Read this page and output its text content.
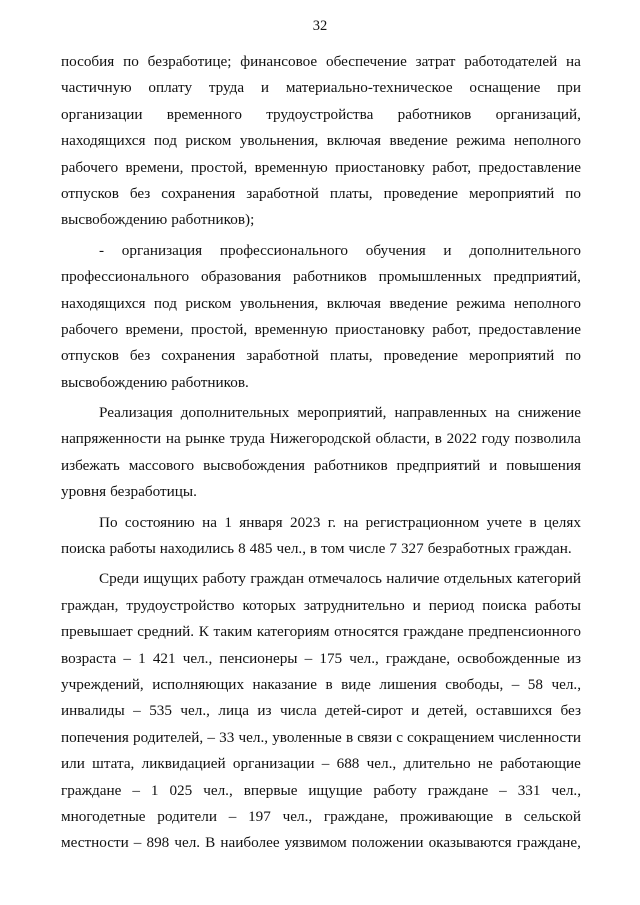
32
пособия по безработице; финансовое обеспечение затрат работодателей на
частичную оплату труда и материально-техническое оснащение при
организации временного трудоустройства работников организаций,
находящихся под риском увольнения, включая введение режима неполного
рабочего времени, простой, временную приостановку работ, предоставление
отпусков без сохранения заработной платы, проведение мероприятий по
высвобождению работников);
- организация профессионального обучения и дополнительного
профессионального образования работников промышленных предприятий,
находящихся под риском увольнения, включая введение режима неполного
рабочего времени, простой, временную приостановку работ, предоставление
отпусков без сохранения заработной платы, проведение мероприятий по
высвобождению работников.
Реализация дополнительных мероприятий, направленных на снижение
напряженности на рынке труда Нижегородской области, в 2022 году позволила
избежать массового высвобождения работников предприятий и повышения
уровня безработицы.
По состоянию на 1 января 2023 г. на регистрационном учете в целях
поиска работы находились 8 485 чел., в том числе 7 327 безработных граждан.
Среди ищущих работу граждан отмечалось наличие отдельных категорий
граждан, трудоустройство которых затруднительно и период поиска работы
превышает средний. К таким категориям относятся граждане предпенсионного
возраста – 1 421 чел., пенсионеры – 175 чел., граждане, освобожденные из
учреждений, исполняющих наказание в виде лишения свободы, – 58 чел.,
инвалиды – 535 чел., лица из числа детей-сирот и детей, оставшихся без
попечения родителей, – 33 чел., уволенные в связи с сокращением численности
или штата, ликвидацией организации – 688 чел., длительно не работающие
граждане – 1 025 чел., впервые ищущие работу граждане – 331 чел.,
многодетные родители – 197 чел., граждане, проживающие в сельской
местности – 898 чел. В наиболее уязвимом положении оказываются граждане,
